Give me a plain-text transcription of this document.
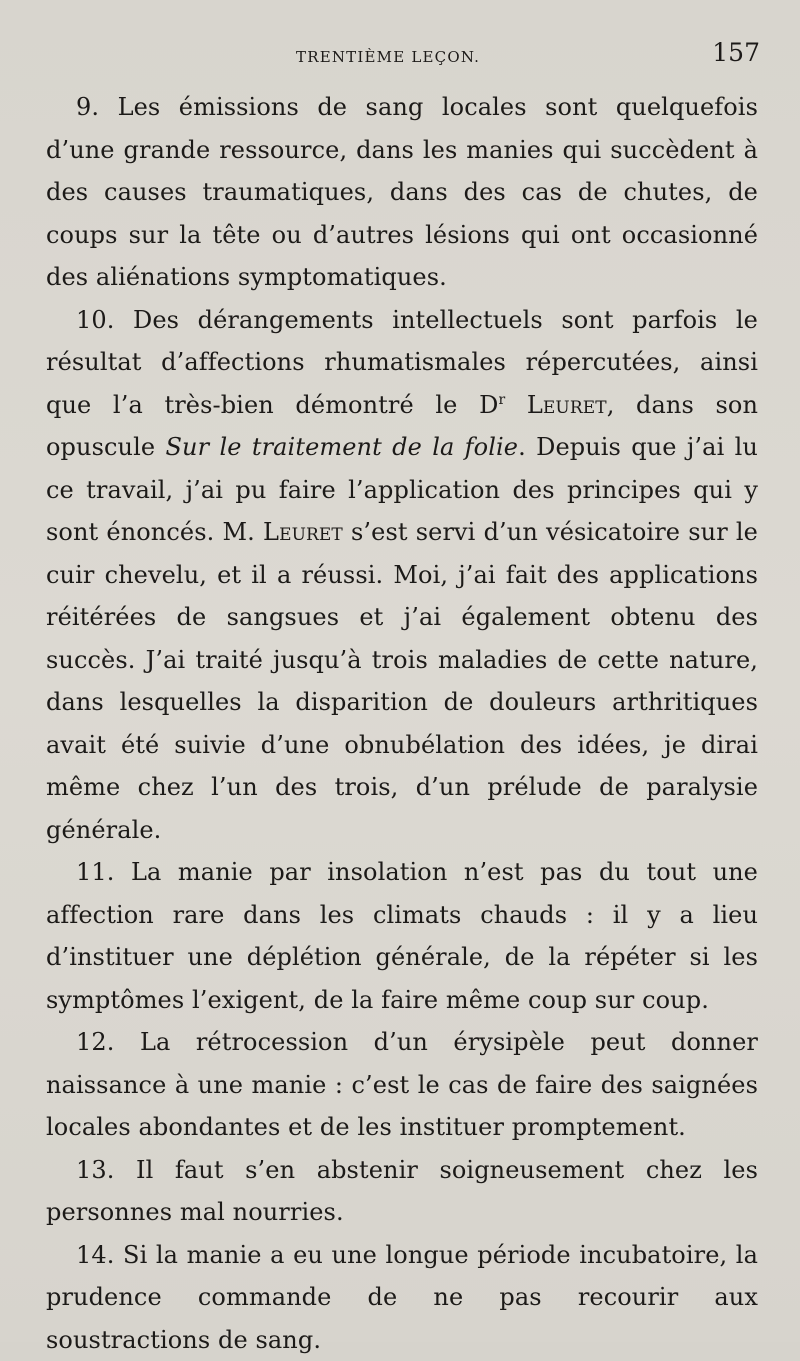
TRENTIÈME LEÇON.	157

9. Les émissions de sang locales sont quelquefois d’une grande ressource, dans les manies qui succèdent à des causes traumatiques, dans des cas de chutes, de coups sur la tête ou d’autres lésions qui ont occasionné des aliénations symptomatiques.

10. Des dérangements intellectuels sont parfois le résultat d’affections rhumatismales répercutées, ainsi que l’a très-bien démontré le $D^r$ Leuret, dans son opuscule Sur le traitement de la folie. Depuis que j’ai lu ce travail, j’ai pu faire l’application des principes qui y sont énoncés. M. Leuret s’est servi d’un vésicatoire sur le cuir chevelu, et il a réussi. Moi, j’ai fait des applications réitérées de sangsues et j’ai également obtenu des succès. J’ai traité jusqu’à trois maladies de cette nature, dans lesquelles la disparition de douleurs arthritiques avait été suivie d’une obnubélation des idées, je dirai même chez l’un des trois, d’un prélude de paralysie générale.

11. La manie par insolation n’est pas du tout une affection rare dans les climats chauds : il y a lieu d’instituer une déplétion générale, de la répéter si les symptômes l’exigent, de la faire même coup sur coup.

12. La rétrocession d’un érysipèle peut donner naissance à une manie : c’est le cas de faire des saignées locales abondantes et de les instituer promptement.

13. Il faut s’en abstenir soigneusement chez les personnes mal nourries.

14. Si la manie a eu une longue période incubatoire, la prudence commande de ne pas recourir aux soustractions de sang.
